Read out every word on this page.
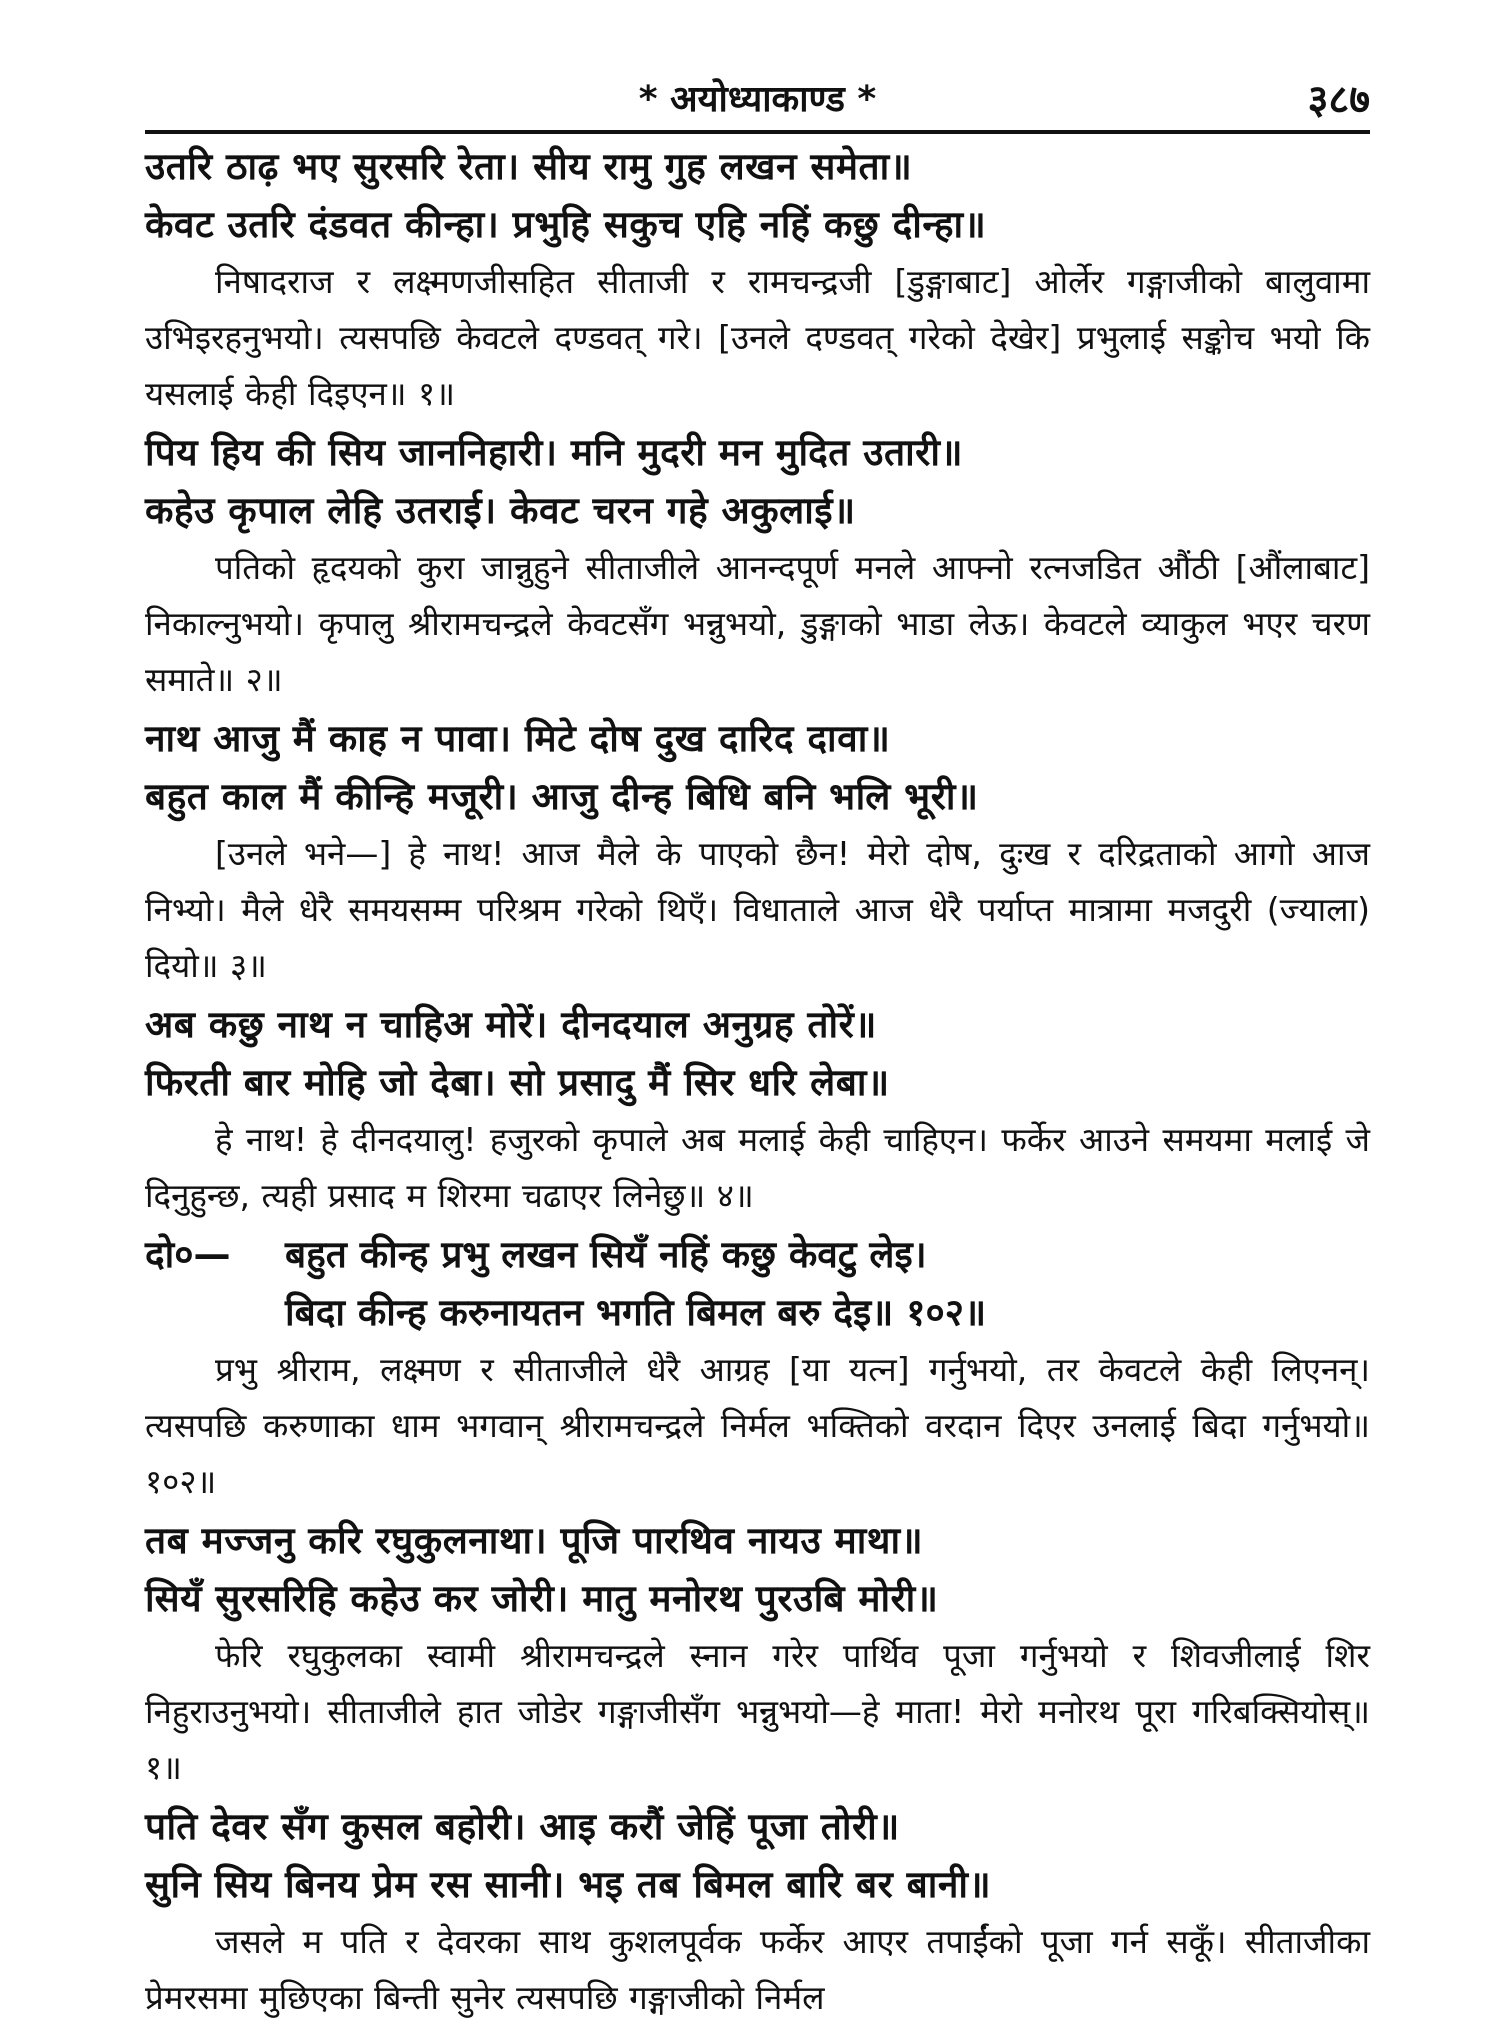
* अयोध्याकाण्ड *	३८७
उतरि ठाढ़ भए सुरसरि रेता। सीय रामु गुह लखन समेता॥
केवट उतरि दंडवत कीन्हा। प्रभुहि सकुच एहि नहिं कछु दीन्हा॥

निषादराज र लक्ष्मणजीसहित सीताजी र रामचन्द्रजी [डुङ्गाबाट] ओर्लेर गङ्गाजीको बालुवामा उभिइरहनुभयो। त्यसपछि केवटले दण्डवत् गरे। [उनले दण्डवत् गरेको देखेर] प्रभुलाई सङ्कोच भयो कि यसलाई केही दिइएन॥ १॥

पिय हिय की सिय जाननिहारी। मनि मुदरी मन मुदित उतारी॥
कहेउ कृपाल लेहि उतराई। केवट चरन गहे अकुलाई॥

पतिको हृदयको कुरा जान्नुहुने सीताजीले आनन्दपूर्ण मनले आफ्नो रत्नजडित औंठी [औंलाबाट] निकाल्नुभयो। कृपालु श्रीरामचन्द्रले केवटसँग भन्नुभयो, डुङ्गाको भाडा लेऊ। केवटले व्याकुल भएर चरण समाते॥ २॥

नाथ आजु मैं काह न पावा। मिटे दोष दुख दारिद दावा॥
बहुत काल मैं कीन्हि मजूरी। आजु दीन्ह बिधि बनि भलि भूरी॥

[उनले भने—] हे नाथ! आज मैले के पाएको छैन! मेरो दोष, दुःख र दरिद्रताको आगो आज निभ्यो। मैले धेरै समयसम्म परिश्रम गरेको थिएँ। विधाताले आज धेरै पर्याप्त मात्रामा मजदुरी (ज्याला) दियो॥ ३॥

अब कछु नाथ न चाहिअ मोरें। दीनदयाल अनुग्रह तोरें॥
फिरती बार मोहि जो देबा। सो प्रसादु मैं सिर धरि लेबा॥

हे नाथ! हे दीनदयालु! हजुरको कृपाले अब मलाई केही चाहिएन। फर्केर आउने समयमा मलाई जे दिनुहुन्छ, त्यही प्रसाद म शिरमा चढाएर लिनेछु॥ ४॥

दो०—	बहुत कीन्ह प्रभु लखन सियँ नहिं कछु केवटु लेइ।
बिदा कीन्ह करुनायतन भगति बिमल बरु देइ॥ १०२॥

प्रभु श्रीराम, लक्ष्मण र सीताजीले धेरै आग्रह [या यत्न] गर्नुभयो, तर केवटले केही लिएनन्। त्यसपछि करुणाका धाम भगवान् श्रीरामचन्द्रले निर्मल भक्तिको वरदान दिएर उनलाई बिदा गर्नुभयो॥ १०२॥

तब मज्जनु करि रघुकुलनाथा। पूजि पारथिव नायउ माथा॥
सियँ सुरसरिहि कहेउ कर जोरी। मातु मनोरथ पुरउबि मोरी॥

फेरि रघुकुलका स्वामी श्रीरामचन्द्रले स्नान गरेर पार्थिव पूजा गर्नुभयो र शिवजीलाई शिर निहुराउनुभयो। सीताजीले हात जोडेर गङ्गाजीसँग भन्नुभयो—हे माता! मेरो मनोरथ पूरा गरिबक्सियोस्॥ १॥

पति देवर सँग कुसल बहोरी। आइ करौं जेहिं पूजा तोरी॥
सुनि सिय बिनय प्रेम रस सानी। भइ तब बिमल बारि बर बानी॥

जसले म पति र देवरका साथ कुशलपूर्वक फर्केर आएर तपाईंको पूजा गर्न सकूँ। सीताजीका प्रेमरसमा मुछिएका बिन्ती सुनेर त्यसपछि गङ्गाजीको निर्मल
